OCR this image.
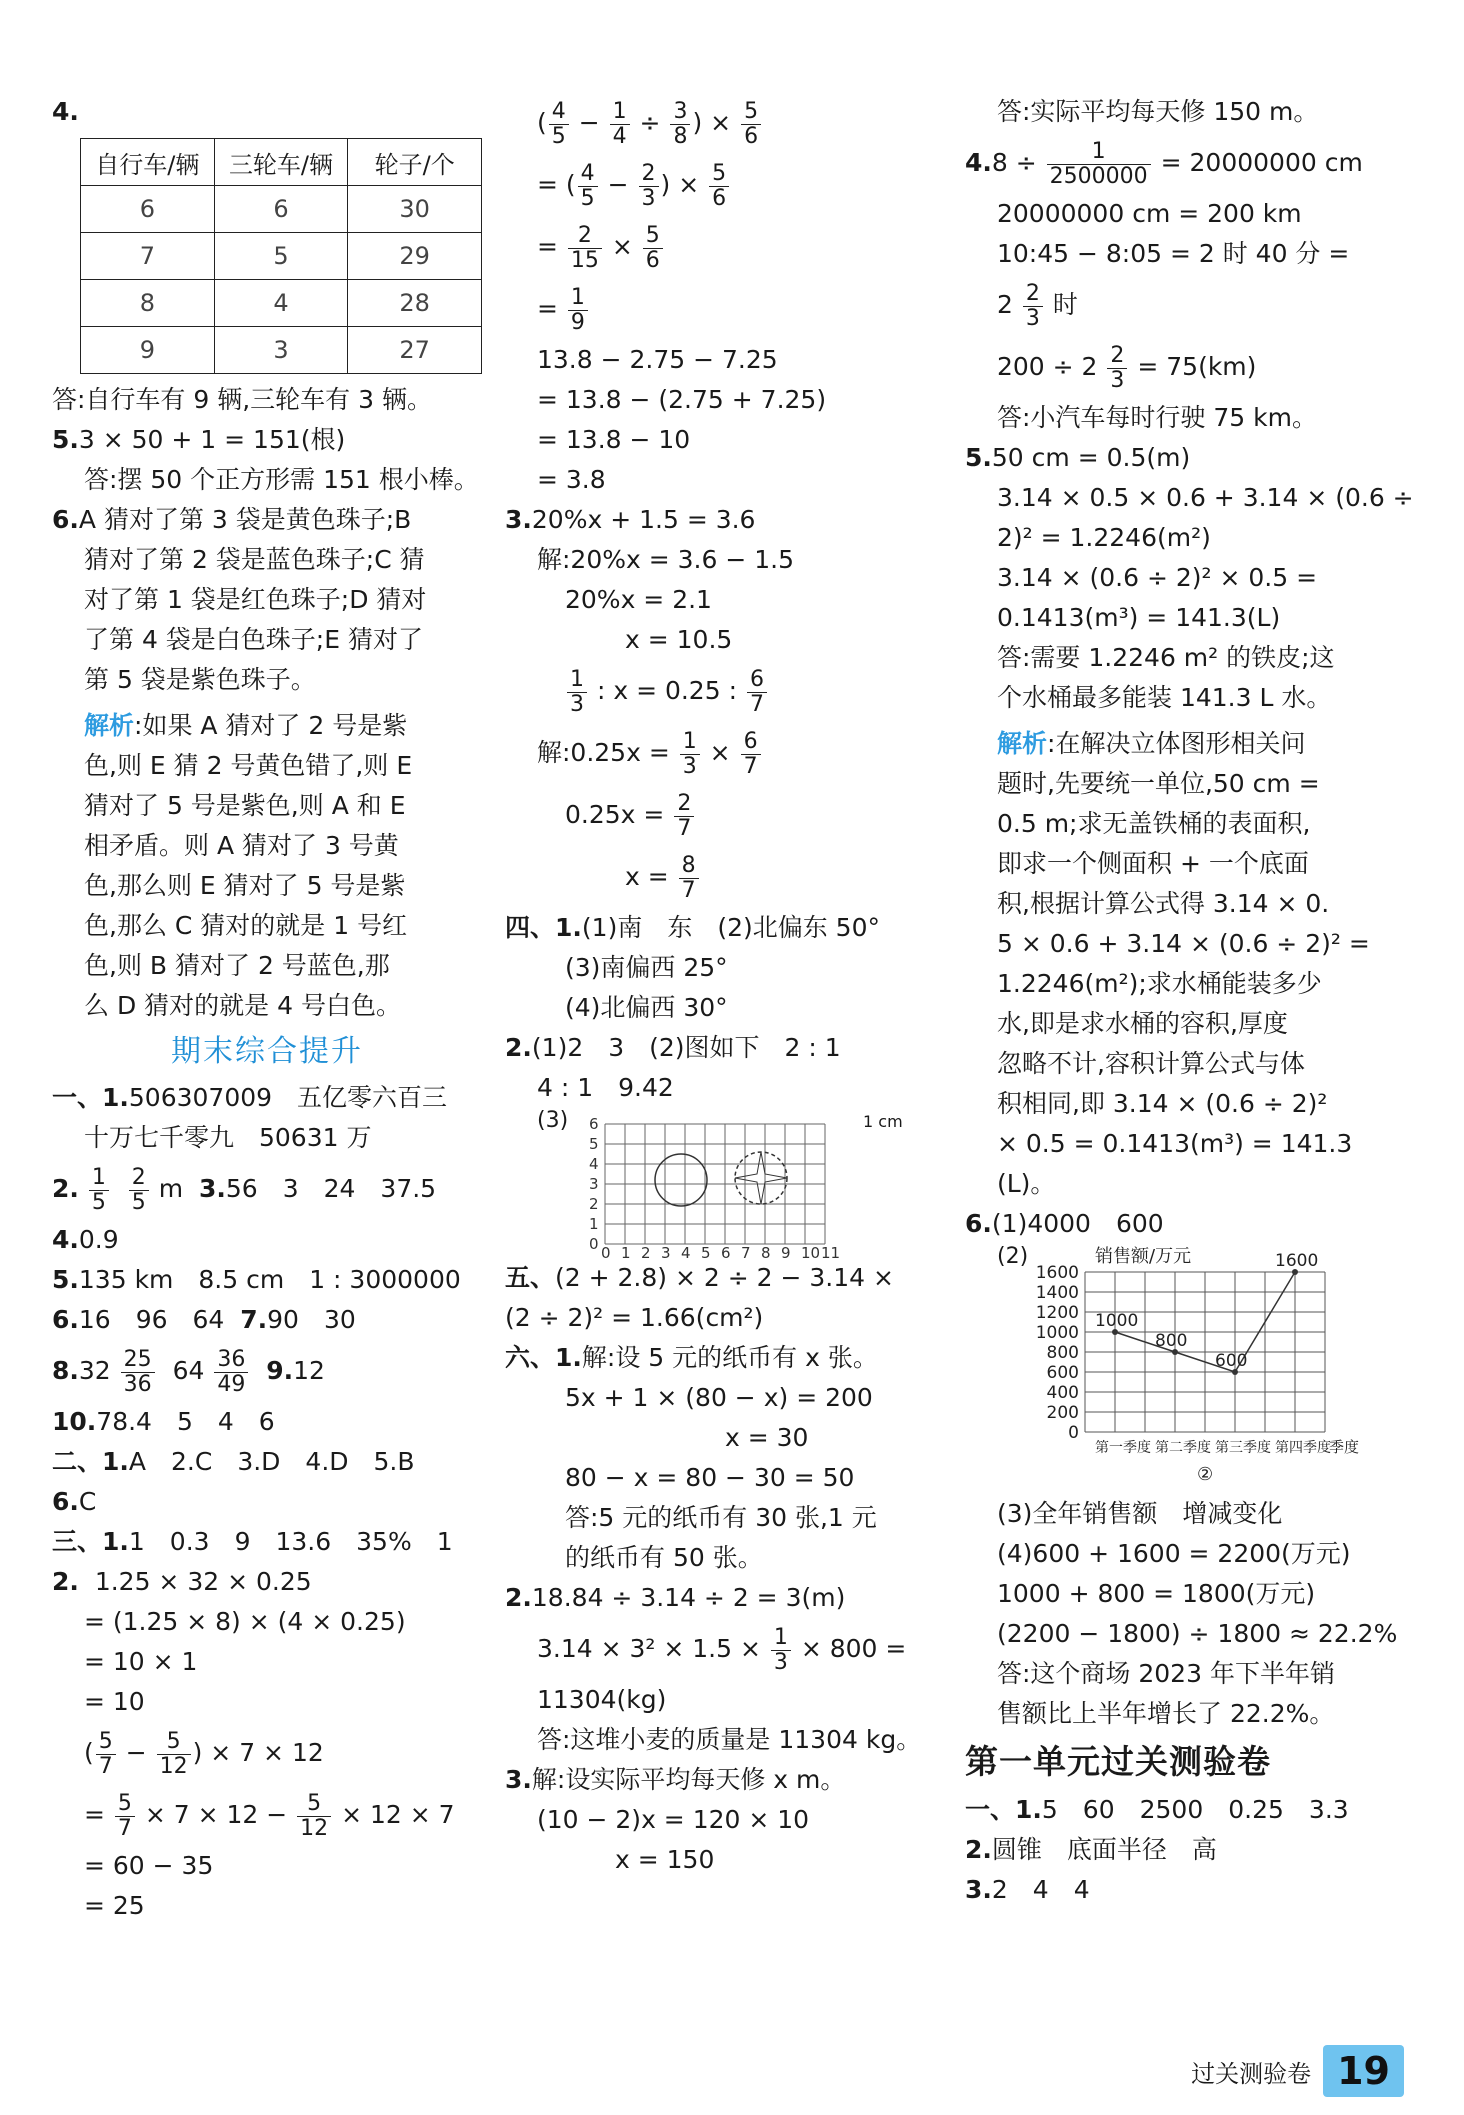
4.
自行车/辆	三轮车/辆	轮子/个
6	6	30
7	5	29
8	4	28
9	3	27
答:自行车有 9 辆,三轮车有 3 辆。
5.3 × 50 + 1 = 151(根)
答:摆 50 个正方形需 151 根小棒。
6.A 猜对了第 3 袋是黄色珠子;B
猜对了第 2 袋是蓝色珠子;C 猜
对了第 1 袋是红色珠子;D 猜对
了第 4 袋是白色珠子;E 猜对了
第 5 袋是紫色珠子。
解析:如果 A 猜对了 2 号是紫
色,则 E 猜 2 号黄色错了,则 E
猜对了 5 号是紫色,则 A 和 E
相矛盾。则 A 猜对了 3 号黄
色,那么则 E 猜对了 5 号是紫
色,那么 C 猜对的就是 1 号红
色,则 B 猜对了 2 号蓝色,那
么 D 猜对的就是 4 号白色。
期末综合提升
一、1.506307009　五亿零六百三
十万七千零九　50631 万
2. $\frac{1}{5}$
$\frac{2}{5}$ m 3.56　3　24　37.5
4.0.9
5.135 km　8.5 cm　1 : 3000000
6.16　96　64 7.90　30
$8.32 \frac{25}{36} 64 \frac{36}{49} 9.12$
10.78.4　5　4　6
二、1.A　2.C　3.D　4.D　5.B
6.C
三、1.1　0.3　9　13.6　35%　1
2. 1.25 × 32 × 0.25
= (1.25 × 8) × (4 × 0.25)
= 10 × 1
= 10
( $\frac{5}{7} - \frac{5}{12}$ ) × 7 × 12
= $\frac{5}{7} \times 7 \times 12 - \frac{5}{12} \times 12 \times 7$
= 60 − 35
= 25
( $\frac{4}{5} - \frac{1}{4} \div \frac{3}{8}$ ) × $\frac{5}{6}$
= ( $\frac{4}{5} - \frac{2}{3}$ ) × $\frac{5}{6}$
= $\frac{2}{15} \times \frac{5}{6}$
= $\frac{1}{9}$
13.8 − 2.75 − 7.25
= 13.8 − (2.75 + 7.25)
= 13.8 − 10
= 3.8
3.20%x + 1.5 = 3.6
解:20%x = 3.6 − 1.5
20%x = 2.1
x = 10.5
$\frac{1}{3}$ : x = 0.25 : $\frac{6}{7}$
解:0.25x = $\frac{1}{3} \times \frac{6}{7}$
$0.25x = \frac{2}{7}$
$x = \frac{8}{7}$
四、1.(1)南　东　(2)北偏东 50°
(3)南偏西 25°
(4)北偏西 30°
2.(1)2　3　(2)图如下　2 : 1
4 : 1　9.42
(3)
0 1 2 3 4 5 6 7 8 9 10 11
0
1
2
3
4
5
6	1 cm
五、(2 + 2.8) × 2 ÷ 2 − 3.14 ×
(2 ÷ 2)² = 1.66(cm²)
六、1.解:设 5 元的纸币有 x 张。
5x + 1 × (80 − x) = 200
x = 30
80 − x = 80 − 30 = 50
答:5 元的纸币有 30 张,1 元
的纸币有 50 张。
2.18.84 ÷ 3.14 ÷ 2 = 3(m)
$3.14 \times 3^2 \times 1.5 \times \frac{1}{3} \times 800$ =
11304(kg)
答:这堆小麦的质量是 11304 kg。
3.解:设实际平均每天修 x m。
(10 − 2)x = 120 × 10
x = 150
答:实际平均每天修 150 m。
$4.8 \div \frac{1}{2500000} = 20000000$ cm
20000000 cm = 200 km
10:45 − 8:05 = 2 时 40 分 =
$2 \frac{2}{3}$ 时
$200 \div 2 \frac{2}{3} = 75(km)$
答:小汽车每时行驶 75 km。
5.50 cm = 0.5(m)
3.14 × 0.5 × 0.6 + 3.14 × (0.6 ÷
2)² = 1.2246(m²)
3.14 × (0.6 ÷ 2)² × 0.5 =
0.1413(m³) = 141.3(L)
答:需要 1.2246 m² 的铁皮;这
个水桶最多能装 141.3 L 水。
解析:在解决立体图形相关问
题时,先要统一单位,50 cm =
0.5 m;求无盖铁桶的表面积,
即求一个侧面积 + 一个底面
积,根据计算公式得 3.14 × 0.
5 × 0.6 + 3.14 × (0.6 ÷ 2)² =
1.2246(m²);求水桶能装多少
水,即是求水桶的容积,厚度
忽略不计,容积计算公式与体
积相同,即 3.14 × (0.6 ÷ 2)²
× 0.5 = 0.1413(m³) = 141.3
(L)。
6.(1)4000　600
(2)	销售额/万元
0
200
400
600
800
1000
1200
1400
1600
1000
800
600
1600
第一季度 第二季度 第三季度 第四季度
季度
②
(3)全年销售额　增减变化
(4)600 + 1600 = 2200(万元)
1000 + 800 = 1800(万元)
(2200 − 1800) ÷ 1800 ≈ 22.2%
答:这个商场 2023 年下半年销
售额比上半年增长了 22.2%。
第一单元过关测验卷
一、1.5　60　2500　0.25　3.3
2.圆锥　底面半径　高
3.2　4　4
过关测验卷 19
